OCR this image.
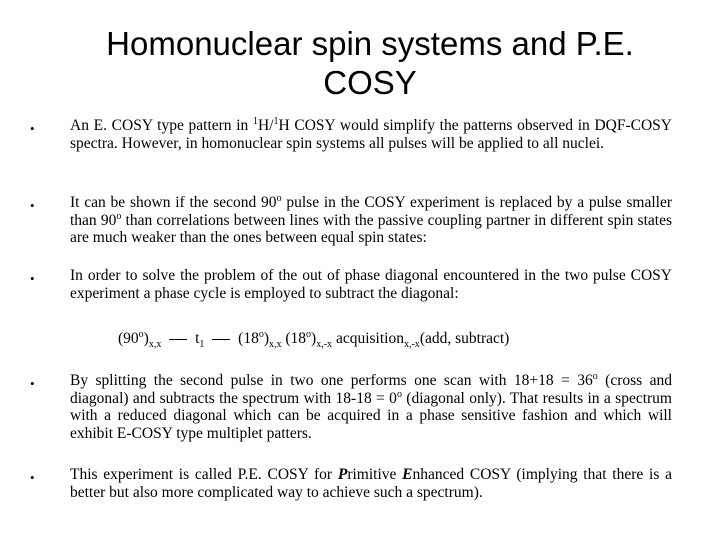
Homonuclear spin systems and P.E.
COSY
• An E. COSY type pattern in $^1$H/$^1$H COSY would simplify the patterns observed in DQF-COSY spectra. However, in homonuclear spin systems all pulses will be applied to all nuclei.
• It can be shown if the second 90$^o$ pulse in the COSY experiment is replaced by a pulse smaller than 90$^o$ than correlations between lines with the passive coupling partner in different spin states are much weaker than the ones between equal spin states:
• In order to solve the problem of the out of phase diagonal encountered in the two pulse COSY experiment a phase cycle is employed to subtract the diagonal:
$(90^o)_{x,x}$ $t_1$ $(18^o)_{x,x}$ $(18^o)_{x,-x}$ acquisition$_{x,-x}$(add, subtract)
• By splitting the second pulse in two one performs one scan with $18+18 = 36^o$ (cross and diagonal) and subtracts the spectrum with $18-18 = 0^o$ (diagonal only). That results in a spectrum with a reduced diagonal which can be acquired in a phase sensitive fashion and which will exhibit E-COSY type multiplet patters.
• This experiment is called P.E. COSY for Primitive Enhanced COSY (implying that there is a better but also more complicated way to achieve such a spectrum).
